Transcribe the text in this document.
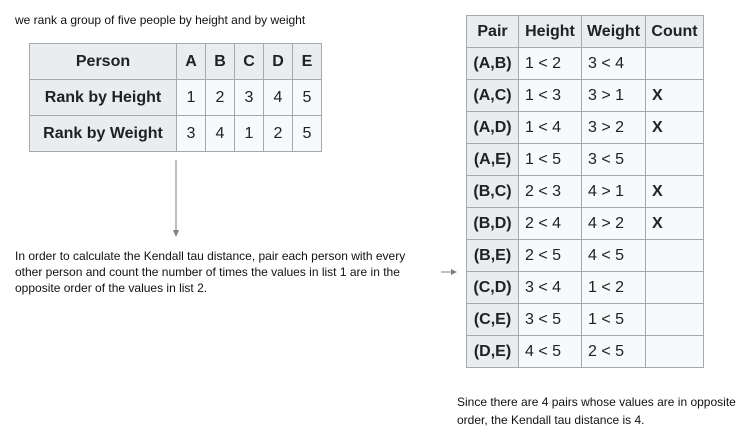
we rank a group of five people by height and by weight
Person	A	B	C	D	E
Rank by Height	1	2	3	4	5
Rank by Weight	3	4	1	2	5
In order to calculate the Kendall tau distance, pair each person with every other person and count the number of times the values in list 1 are in the opposite order of the values in list 2.
Pair	Height	Weight	Count
(A,B)	1 < 2	3 < 4	
(A,C)	1 < 3	3 > 1	X
(A,D)	1 < 4	3 > 2	X
(A,E)	1 < 5	3 < 5	
(B,C)	2 < 3	4 > 1	X
(B,D)	2 < 4	4 > 2	X
(B,E)	2 < 5	4 < 5	
(C,D)	3 < 4	1 < 2	
(C,E)	3 < 5	1 < 5	
(D,E)	4 < 5	2 < 5	
Since there are 4 pairs whose values are in opposite order, the Kendall tau distance is 4.
